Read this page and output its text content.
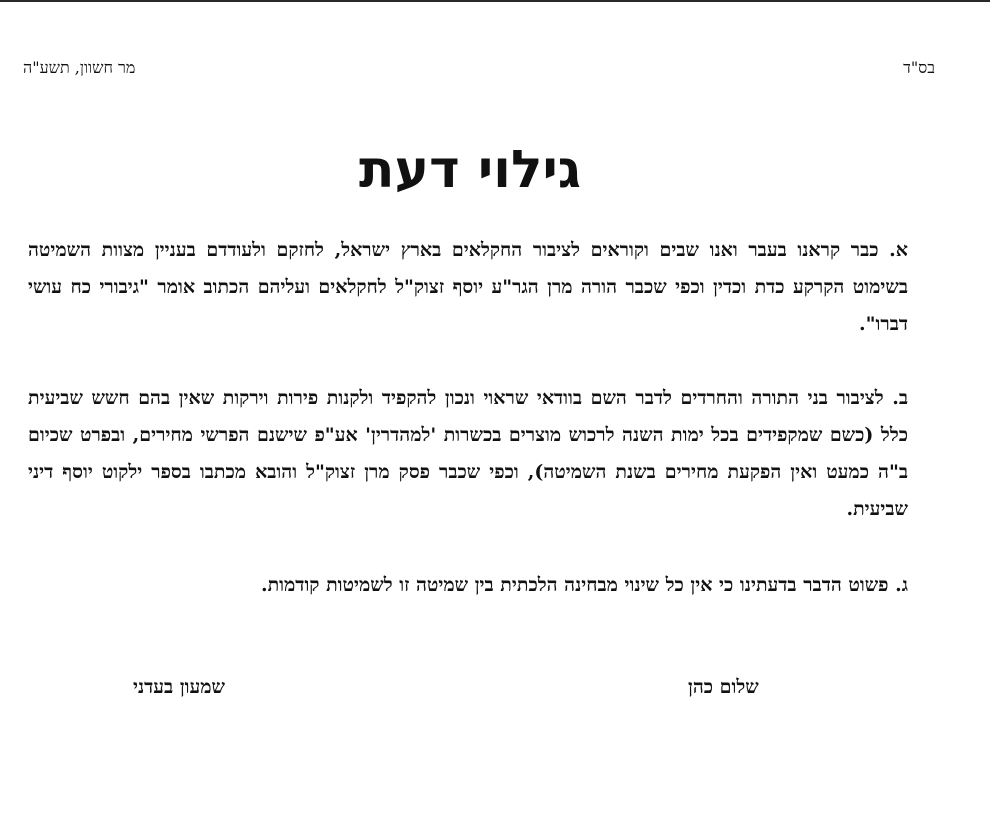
בס"ד
מר חשוון, תשע"ה
גילוי דעת

א. כבר קראנו בעבר ואנו שבים וקוראים לציבור החקלאים בארץ ישראל, לחזקם ולעודדם בעניין מצוות השמיטה בשימוט הקרקע כדת וכדין וכפי שכבר הורה מרן הגר"ע יוסף זצוק"ל לחקלאים ועליהם הכתוב אומר "גיבורי כח עושי דברו".

ב. לציבור בני התורה והחרדים לדבר השם בוודאי שראוי ונכון להקפיד ולקנות פירות וירקות שאין בהם חשש שביעית כלל (כשם שמקפידים בכל ימות השנה לרכוש מוצרים בכשרות 'למהדרין' אע"פ שישנם הפרשי מחירים, ובפרט שכיום ב"ה כמעט ואין הפקעת מחירים בשנת השמיטה), וכפי שכבר פסק מרן זצוק"ל והובא מכתבו בספר ילקוט יוסף דיני שביעית.

ג. פשוט הדבר בדעתינו כי אין כל שינוי מבחינה הלכתית בין שמיטה זו לשמיטות קודמות.

שלום כהן
שמעון בעדני
